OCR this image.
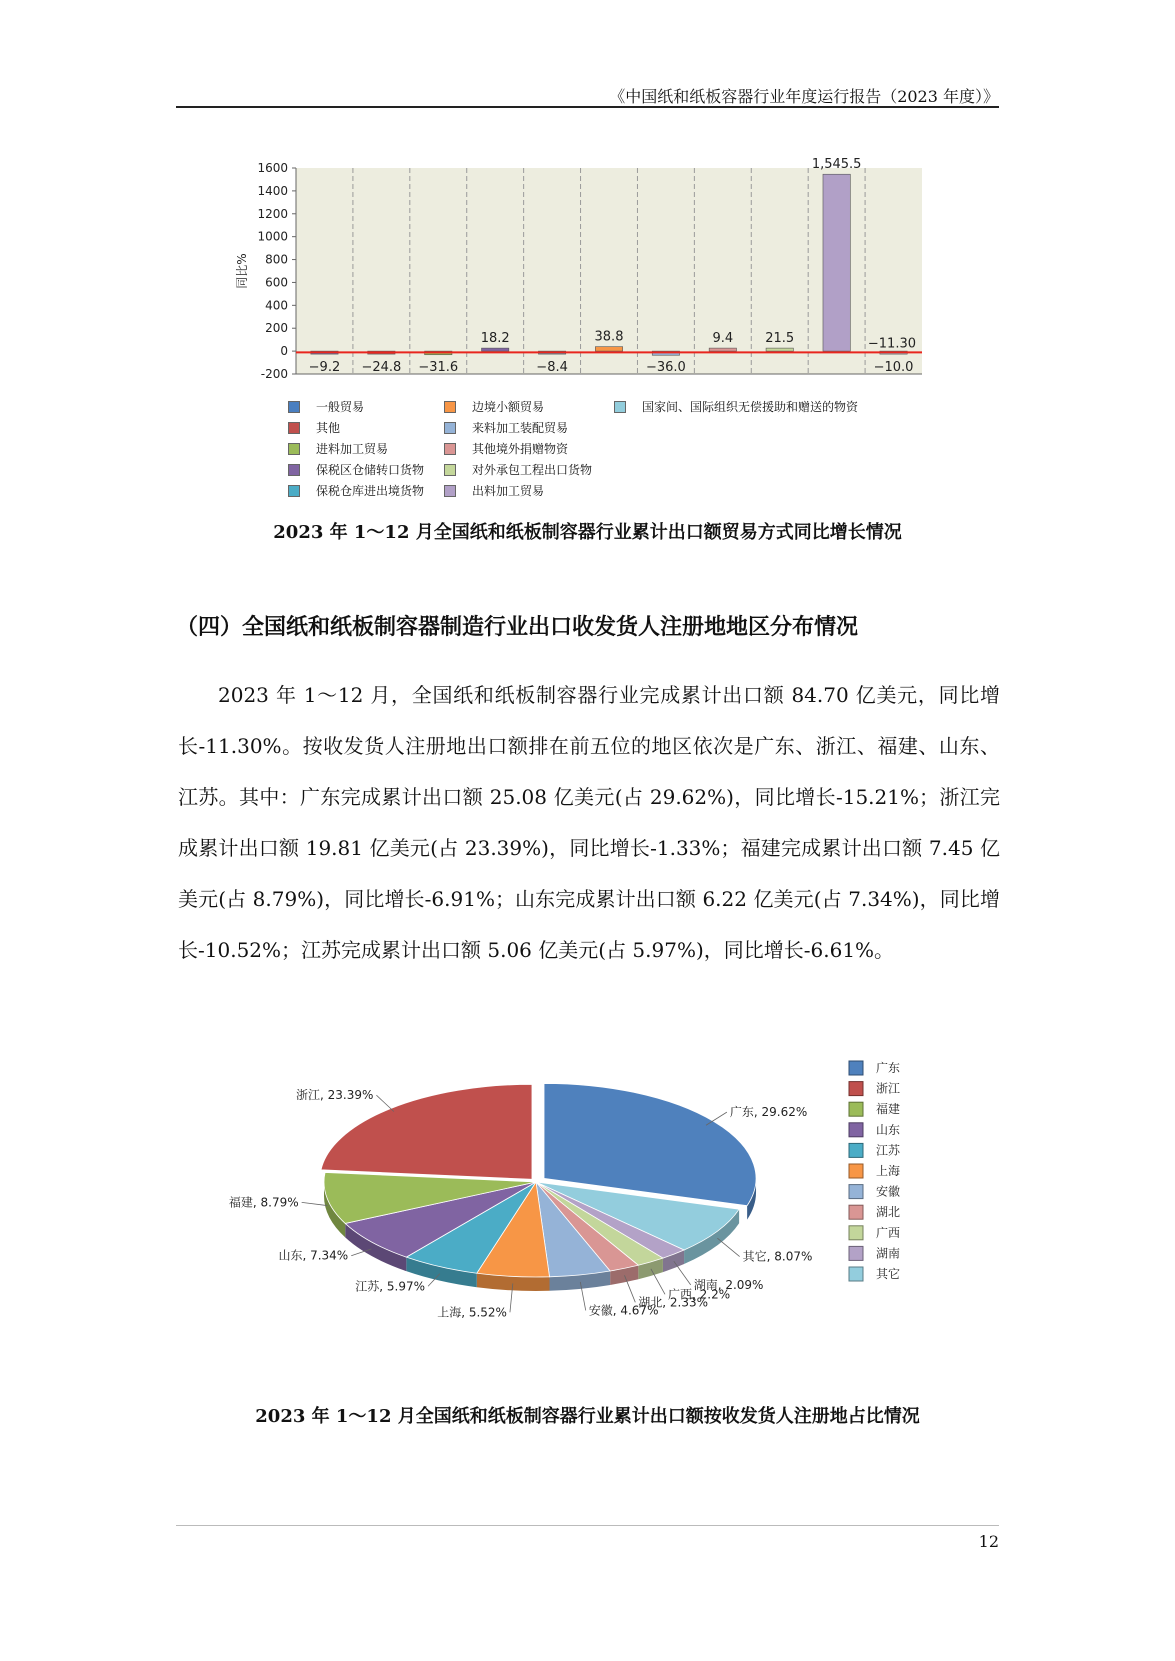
《中国纸和纸板容器行业年度运行报告（2023 年度）》
1600
1400
1200
1000
800
600
400
200
0
-200
同比%
−9.2 −24.8 −31.6
18.2
−8.4
38.8
−36.0
9.4 21.5
1,545.5
−10.0
−11.30
一般贸易
其他
进料加工贸易
保税区仓储转口货物
保税仓库进出境货物
边境小额贸易
来料加工装配贸易
其他境外捐赠物资
对外承包工程出口货物
出料加工贸易
国家间、国际组织无偿援助和赠送的物资
2023 年 1～12 月全国纸和纸板制容器行业累计出口额贸易方式同比增长情况
（四）全国纸和纸板制容器制造行业出口收发货人注册地地区分布情况
2023 年 1～12 月，全国纸和纸板制容器行业完成累计出口额 84.70 亿美元，同比增长-11.30%。按收发货人注册地出口额排在前五位的地区依次是广东、浙江、福建、山东、江苏。其中：广东完成累计出口额 25.08 亿美元(占 29.62%)，同比增长-15.21%；浙江完成累计出口额 19.81 亿美元(占 23.39%)，同比增长-1.33%；福建完成累计出口额 7.45 亿美元(占 8.79%)，同比增长-6.91%；山东完成累计出口额 6.22 亿美元(占 7.34%)，同比增长-10.52%；江苏完成累计出口额 5.06 亿美元(占 5.97%)，同比增长-6.61%。
广东, 29.62%
其它, 8.07%
湖南, 2.09%
广西, 2.2%
湖北, 2.33%
安徽, 4.67%
上海, 5.52%
江苏, 5.97%
山东, 7.34%
福建, 8.79%
浙江, 23.39%
广东
浙江
福建
山东
江苏
上海
安徽
湖北
广西
湖南
其它
2023 年 1～12 月全国纸和纸板制容器行业累计出口额按收发货人注册地占比情况
12
